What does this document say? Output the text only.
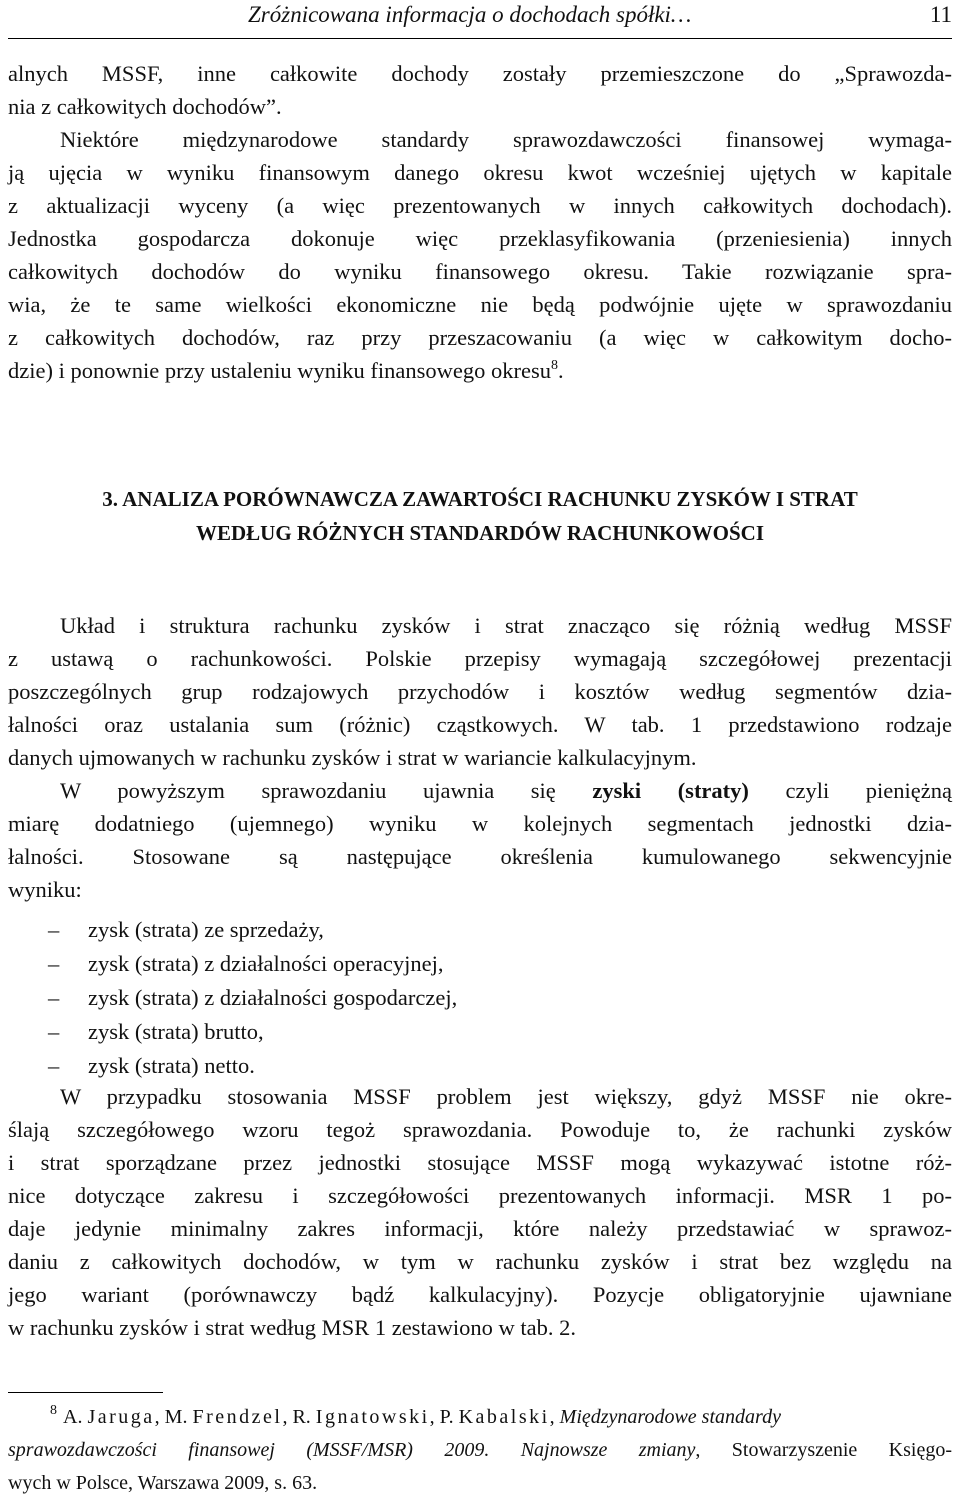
Zróżnicowana informacja o dochodach spółki…	11
alnych MSSF, inne całkowite dochody zostały przemieszczone do „Sprawozda-
nia z całkowitych dochodów”.
Niektóre międzynarodowe standardy sprawozdawczości finansowej wymaga-
ją ujęcia w wyniku finansowym danego okresu kwot wcześniej ujętych w kapitale
z aktualizacji wyceny (a więc prezentowanych w innych całkowitych dochodach).
Jednostka gospodarcza dokonuje więc przeklasyfikowania (przeniesienia) innych
całkowitych dochodów do wyniku finansowego okresu. Takie rozwiązanie spra-
wia, że te same wielkości ekonomiczne nie będą podwójnie ujęte w sprawozdaniu
z całkowitych dochodów, raz przy przeszacowaniu (a więc w całkowitym docho-
dzie) i ponownie przy ustaleniu wyniku finansowego okresu$^8$.
3. ANALIZA PORÓWNAWCZA ZAWARTOŚCI RACHUNKU ZYSKÓW I STRAT
WEDŁUG RÓŻNYCH STANDARDÓW RACHUNKOWOŚCI
Układ i struktura rachunku zysków i strat znacząco się różnią według MSSF
z ustawą o rachunkowości. Polskie przepisy wymagają szczegółowej prezentacji
poszczególnych grup rodzajowych przychodów i kosztów według segmentów dzia-
łalności oraz ustalania sum (różnic) cząstkowych. W tab. 1 przedstawiono rodzaje
danych ujmowanych w rachunku zysków i strat w wariancie kalkulacyjnym.
W powyższym sprawozdaniu ujawnia się zyski (straty) czyli pieniężną
miarę dodatniego (ujemnego) wyniku w kolejnych segmentach jednostki dzia-
łalności. Stosowane są następujące określenia kumulowanego sekwencyjnie
wyniku:
– zysk (strata) ze sprzedaży,
– zysk (strata) z działalności operacyjnej,
– zysk (strata) z działalności gospodarczej,
– zysk (strata) brutto,
– zysk (strata) netto.
W przypadku stosowania MSSF problem jest większy, gdyż MSSF nie okre-
ślają szczegółowego wzoru tegoż sprawozdania. Powoduje to, że rachunki zysków
i strat sporządzane przez jednostki stosujące MSSF mogą wykazywać istotne róż-
nice dotyczące zakresu i szczegółowości prezentowanych informacji. MSR 1 po-
daje jedynie minimalny zakres informacji, które należy przedstawiać w sprawoz-
daniu z całkowitych dochodów, w tym w rachunku zysków i strat bez względu na
jego wariant (porównawczy bądź kalkulacyjny). Pozycje obligatoryjnie ujawniane
w rachunku zysków i strat według MSR 1 zestawiono w tab. 2.
$^8$ A. Jaruga, M. Frendzel, R. Ignatowski, P. Kabalski, Międzynarodowe standardy
sprawozdawczości finansowej (MSSF/MSR) 2009. Najnowsze zmiany, Stowarzyszenie Księgo-
wych w Polsce, Warszawa 2009, s. 63.
